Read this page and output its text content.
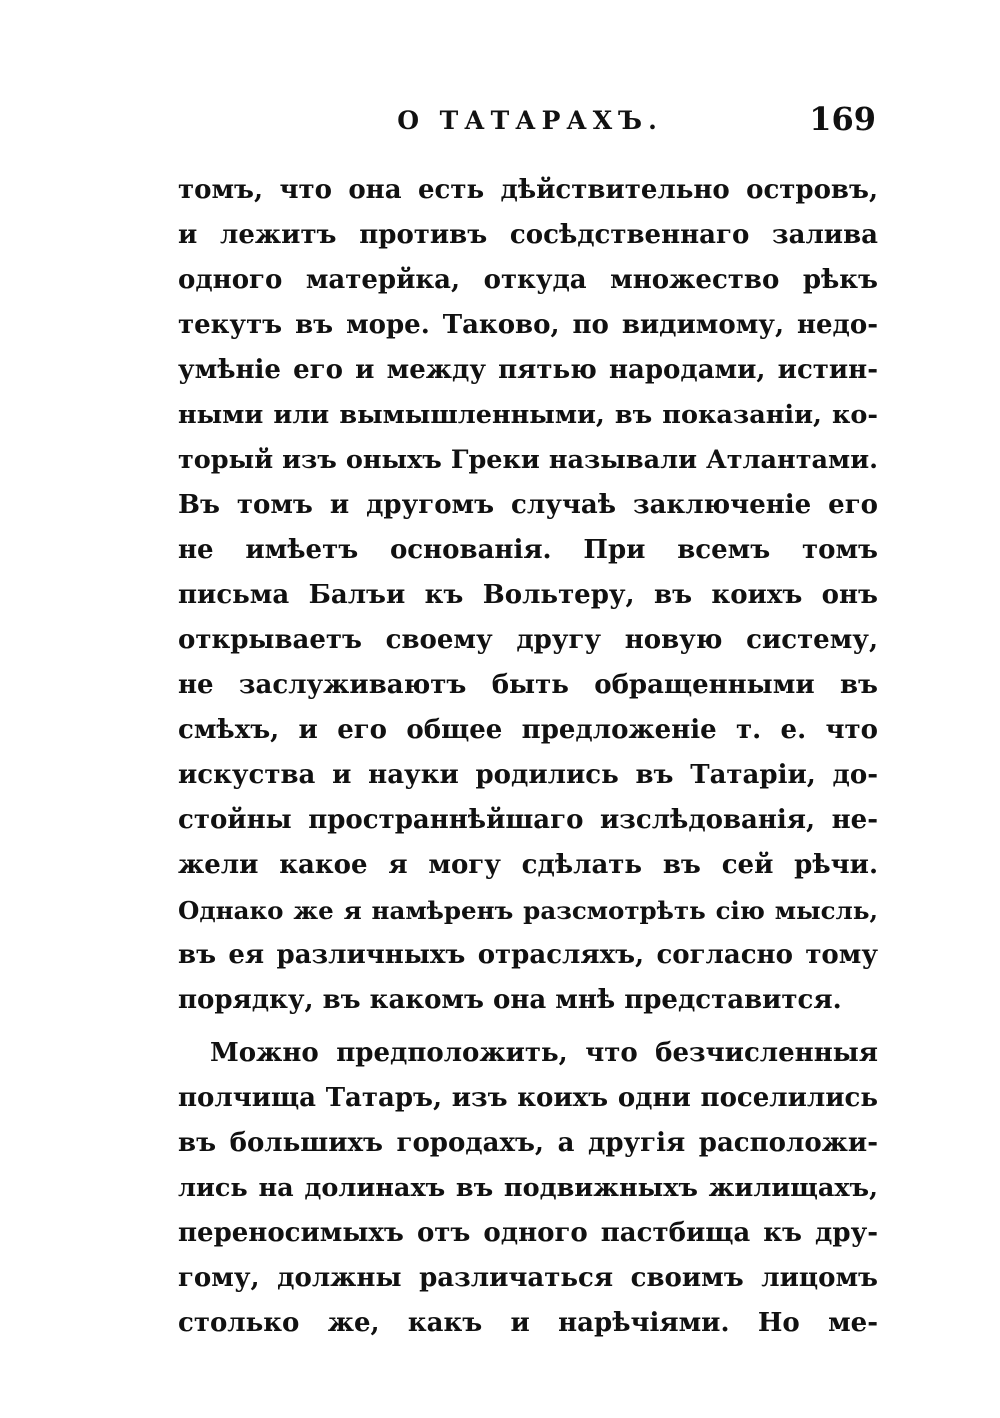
О ТАТАРАХЪ.	169
томъ, что она есть дѣйствительно островъ,
и лежитъ противъ сосѣдственнаго залива
одного матерйка, откуда множество рѣкъ
текутъ въ море. Таково, по видимому, недо-
умѣніе его и между пятью народами, истин-
ными или вымышленными, въ показаніи, ко-
торый изъ оныхъ Греки называли Атлантами.
Въ томъ и другомъ случаѣ заключеніе его
не имѣетъ основанія. При всемъ томъ
письма Балъи къ Вольтеру, въ коихъ онъ
открываетъ своему другу новую систему,
не заслуживаютъ быть обращенными въ
смѣхъ, и его общее предложеніе т. е. что
искуства и науки родились въ Татаріи, до-
стойны пространнѣйшаго изслѣдованія, не-
жели какое я могу сдѣлать въ сей рѣчи.
Однако же я намѣренъ разсмотрѣть сію мысль,
въ ея различныхъ отрасляхъ, согласно тому
порядку, въ какомъ она мнѣ представится.
Можно предположить, что безчисленныя
полчища Татаръ, изъ коихъ одни поселились
въ большихъ городахъ, а другія расположи-
лись на долинахъ въ подвижныхъ жилищахъ,
переносимыхъ отъ одного пастбища къ дру-
гому, должны различаться своимъ лицомъ
столько же, какъ и нарѣчіями. Но ме-
